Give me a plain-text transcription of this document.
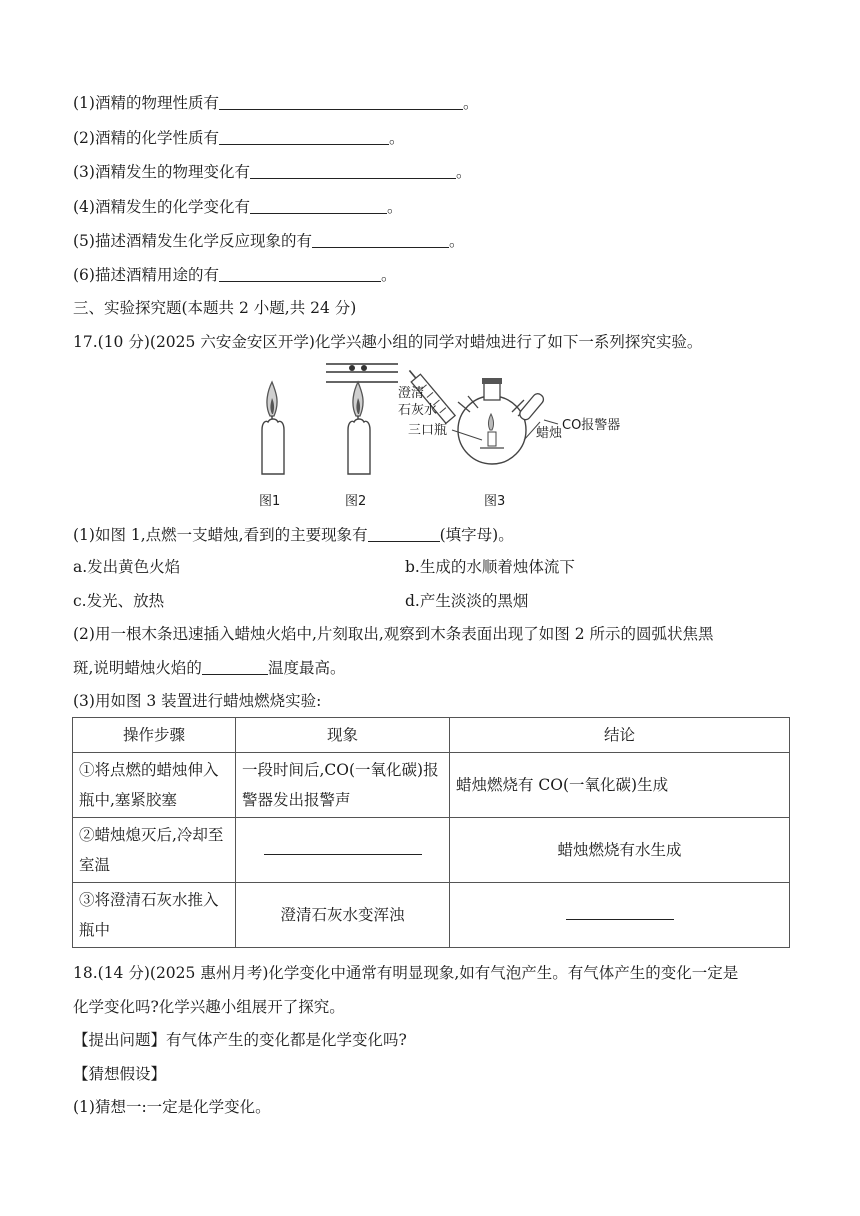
(1)酒精的物理性质有	。
(2)酒精的化学性质有	。
(3)酒精发生的物理变化有	。
(4)酒精发生的化学变化有	。
(5)描述酒精发生化学反应现象的有	。
(6)描述酒精用途的有	。
三、实验探究题(本题共 2 小题,共 24 分)
17.(10 分)(2025 六安金安区开学)化学兴趣小组的同学对蜡烛进行了如下一系列探究实验。
澄清
石灰水
CO报警器
三口瓶	蜡烛
图1	图2	图3
(1)如图 1,点燃一支蜡烛,看到的主要现象有	(填字母)。
a.发出黄色火焰	b.生成的水顺着烛体流下
c.发光、放热	d.产生淡淡的黑烟
(2)用一根木条迅速插入蜡烛火焰中,片刻取出,观察到木条表面出现了如图 2 所示的圆弧状焦黑
斑,说明蜡烛火焰的	温度最高。
(3)用如图 3 装置进行蜡烛燃烧实验:
操作步骤	现象	结论
①将点燃的蜡烛伸入瓶中,塞紧胶塞	一段时间后,CO(一氧化碳)报警器发出报警声	蜡烛燃烧有 CO(一氧化碳)生成
②蜡烛熄灭后,冷却至室温		蜡烛燃烧有水生成
③将澄清石灰水推入瓶中	澄清石灰水变浑浊	
18.(14 分)(2025 惠州月考)化学变化中通常有明显现象,如有气泡产生。有气体产生的变化一定是
化学变化吗?化学兴趣小组展开了探究。
【提出问题】有气体产生的变化都是化学变化吗?
【猜想假设】
(1)猜想一:一定是化学变化。
